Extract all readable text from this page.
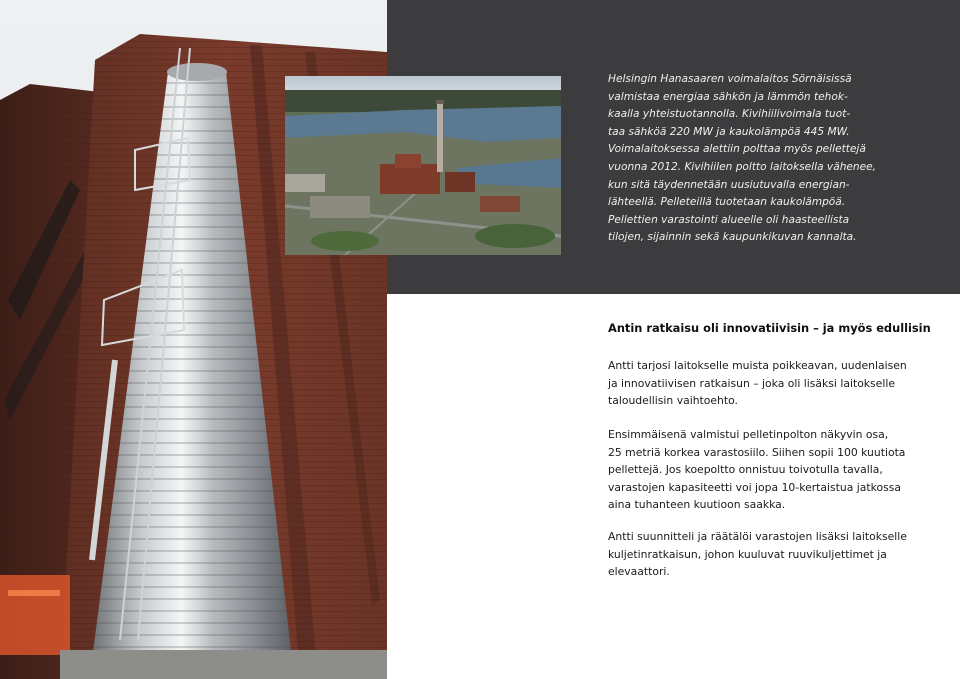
Helsingin Hanasaaren voimalaitos Sörnäisissä
valmistaa energiaa sähkön ja lämmön tehok-
kaalla yhteistuotannolla. Kivihiilivoimala tuot-
taa sähköä 220 MW ja kaukolämpöä 445 MW.
Voimalaitoksessa alettiin polttaa myös pellettejä
vuonna 2012. Kivihiilen poltto laitoksella vähenee,
kun sitä täydennetään uusiutuvalla energian-
lähteellä. Pelleteillä tuotetaan kaukolämpöä.
Pellettien varastointi alueelle oli haasteellista
tilojen, sijainnin sekä kaupunkikuvan kannalta.
Antin ratkaisu oli innovatiivisin – ja myös edullisin
Antti tarjosi laitokselle muista poikkeavan, uudenlaisen
ja innovatiivisen ratkaisun – joka oli lisäksi laitokselle
taloudellisin vaihtoehto.
Ensimmäisenä valmistui pelletinpolton näkyvin osa,
25 metriä korkea varastosiilo. Siihen sopii 100 kuutiota
pellettejä. Jos koepoltto onnistuu toivotulla tavalla,
varastojen kapasiteetti voi jopa 10-kertaistua jatkossa
aina tuhanteen kuutioon saakka.
Antti suunnitteli ja räätälöi varastojen lisäksi laitokselle
kuljetinratkaisun, johon kuuluvat ruuvikuljettimet ja
elevaattori.
